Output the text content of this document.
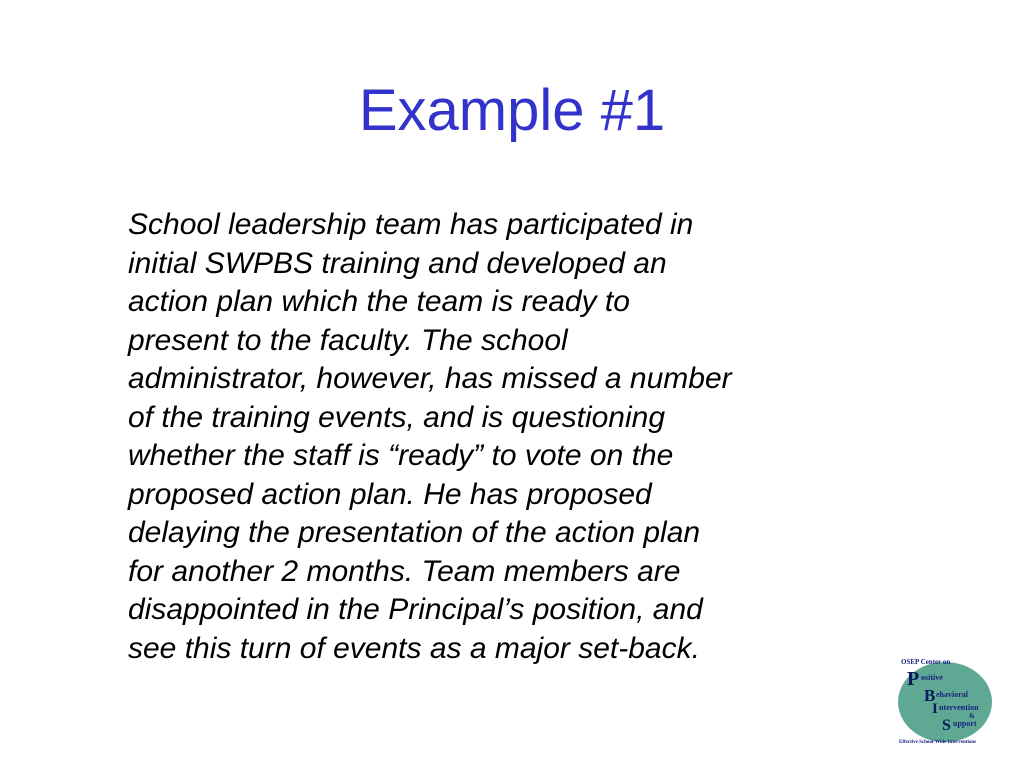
Example #1
School leadership team has participated in
initial SWPBS training and developed an
action plan which the team is ready to
present to the faculty. The school
administrator, however, has missed a number
of the training events, and is questioning
whether the staff is “ready” to vote on the
proposed action plan. He has proposed
delaying the presentation of the action plan
for another 2 months. Team members are
disappointed in the Principal’s position, and
see this turn of events as a major set-back.	OSEP Center on
P ositive
B ehavioral
I ntervention
&
S upport
Effective School-Wide Interventions
